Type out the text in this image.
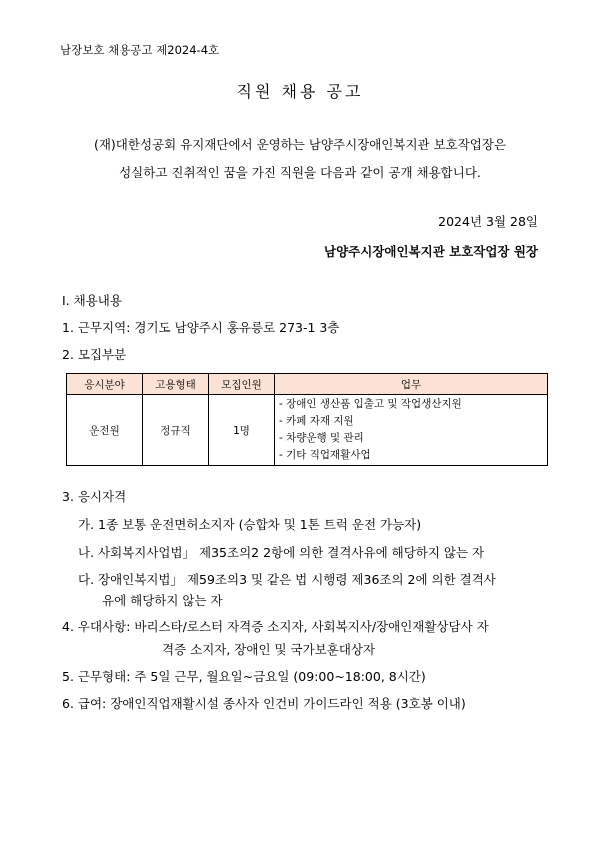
남장보호 채용공고 제2024-4호
직원 채용 공고
(재)대한성공회 유지재단에서 운영하는 남양주시장애인복지관 보호작업장은
성실하고 진취적인 꿈을 가진 직원을 다음과 같이 공개 채용합니다.
2024년 3월 28일
남양주시장애인복지관 보호작업장 원장
Ⅰ. 채용내용
1. 근무지역: 경기도 남양주시 홍유릉로 273-1 3층
2. 모집부분
응시분야	고용형태	모집인원	업무
운전원	정규직	1명	- 장애인 생산품 입출고 및 작업생산지원
- 카페 자재 지원
- 차량운행 및 관리
- 기타 직업재활사업
3. 응시자격
가. 1종 보통 운전면허소지자 (승합차 및 1톤 트럭 운전 가능자)
나. 사회복지사업법」 제35조의2 2항에 의한 결격사유에 해당하지 않는 자
다. 장애인복지법」 제59조의3 및 같은 법 시행령 제36조의 2에 의한 결격사
유에 해당하지 않는 자
4. 우대사항: 바리스타/로스터 자격증 소지자, 사회복지사/장애인재활상담사 자
격증 소지자, 장애인 및 국가보훈대상자
5. 근무형태: 주 5일 근무, 월요일~금요일 (09:00~18:00, 8시간)
6. 급여: 장애인직업재활시설 종사자 인건비 가이드라인 적용 (3호봉 이내)
